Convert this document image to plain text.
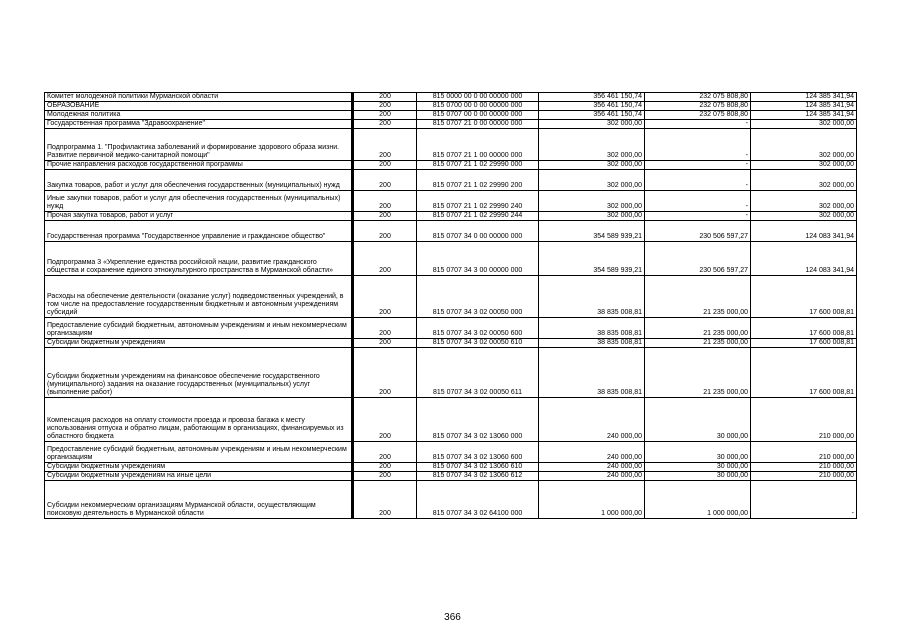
Комитет молодежной политики Мурманской области	200	815 0000 00 0 00 00000 000	356 461 150,74	232 075 808,80	124 385 341,94
ОБРАЗОВАНИЕ	200	815 0700 00 0 00 00000 000	356 461 150,74	232 075 808,80	124 385 341,94
Молодежная политика	200	815 0707 00 0 00 00000 000	356 461 150,74	232 075 808,80	124 385 341,94
Государственная программа "Здравоохранение"	200	815 0707 21 0 00 00000 000	302 000,00	-	302 000,00
Подпрограмма 1. "Профилактика заболеваний и формирование здорового образа жизни. Развитие первичной медико-санитарной помощи"	200	815 0707 21 1 00 00000 000	302 000,00	-	302 000,00
Прочие направления расходов государственной программы	200	815 0707 21 1 02 29990 000	302 000,00	-	302 000,00
Закупка товаров, работ и услуг для обеспечения государственных (муниципальных) нужд	200	815 0707 21 1 02 29990 200	302 000,00	-	302 000,00
Иные закупки товаров, работ и услуг для обеспечения государственных (муниципальных) нужд	200	815 0707 21 1 02 29990 240	302 000,00	-	302 000,00
Прочая закупка товаров, работ и услуг	200	815 0707 21 1 02 29990 244	302 000,00	-	302 000,00
Государственная программа "Государственное управление и гражданское общество"	200	815 0707 34 0 00 00000 000	354 589 939,21	230 506 597,27	124 083 341,94
Подпрограмма 3 «Укрепление единства российской нации, развитие гражданского общества и сохранение единого этнокультурного пространства в Мурманской области»	200	815 0707 34 3 00 00000 000	354 589 939,21	230 506 597,27	124 083 341,94
Расходы на обеспечение деятельности (оказание услуг) подведомственных учреждений, в том числе на предоставление государственным бюджетным и автономным учреждениям субсидий	200	815 0707 34 3 02 00050 000	38 835 008,81	21 235 000,00	17 600 008,81
Предоставление субсидий бюджетным, автономным учреждениям и иным некоммерческим организациям	200	815 0707 34 3 02 00050 600	38 835 008,81	21 235 000,00	17 600 008,81
Субсидии бюджетным учреждениям	200	815 0707 34 3 02 00050 610	38 835 008,81	21 235 000,00	17 600 008,81
Субсидии бюджетным учреждениям на финансовое обеспечение государственного (муниципального) задания на оказание государственных (муниципальных) услуг (выполнение работ)	200	815 0707 34 3 02 00050 611	38 835 008,81	21 235 000,00	17 600 008,81
Компенсация расходов на оплату стоимости проезда и провоза багажа к месту использования отпуска и обратно лицам, работающим в организациях, финансируемых из областного бюджета	200	815 0707 34 3 02 13060 000	240 000,00	30 000,00	210 000,00
Предоставление субсидий бюджетным, автономным учреждениям и иным некоммерческим организациям	200	815 0707 34 3 02 13060 600	240 000,00	30 000,00	210 000,00
Субсидии бюджетным учреждениям	200	815 0707 34 3 02 13060 610	240 000,00	30 000,00	210 000,00
Субсидии бюджетным учреждениям на иные цели	200	815 0707 34 3 02 13060 612	240 000,00	30 000,00	210 000,00
Субсидии некоммерческим организациям Мурманской области, осуществляющим поисковую деятельность в Мурманской области	200	815 0707 34 3 02 64100 000	1 000 000,00	1 000 000,00	-
366
